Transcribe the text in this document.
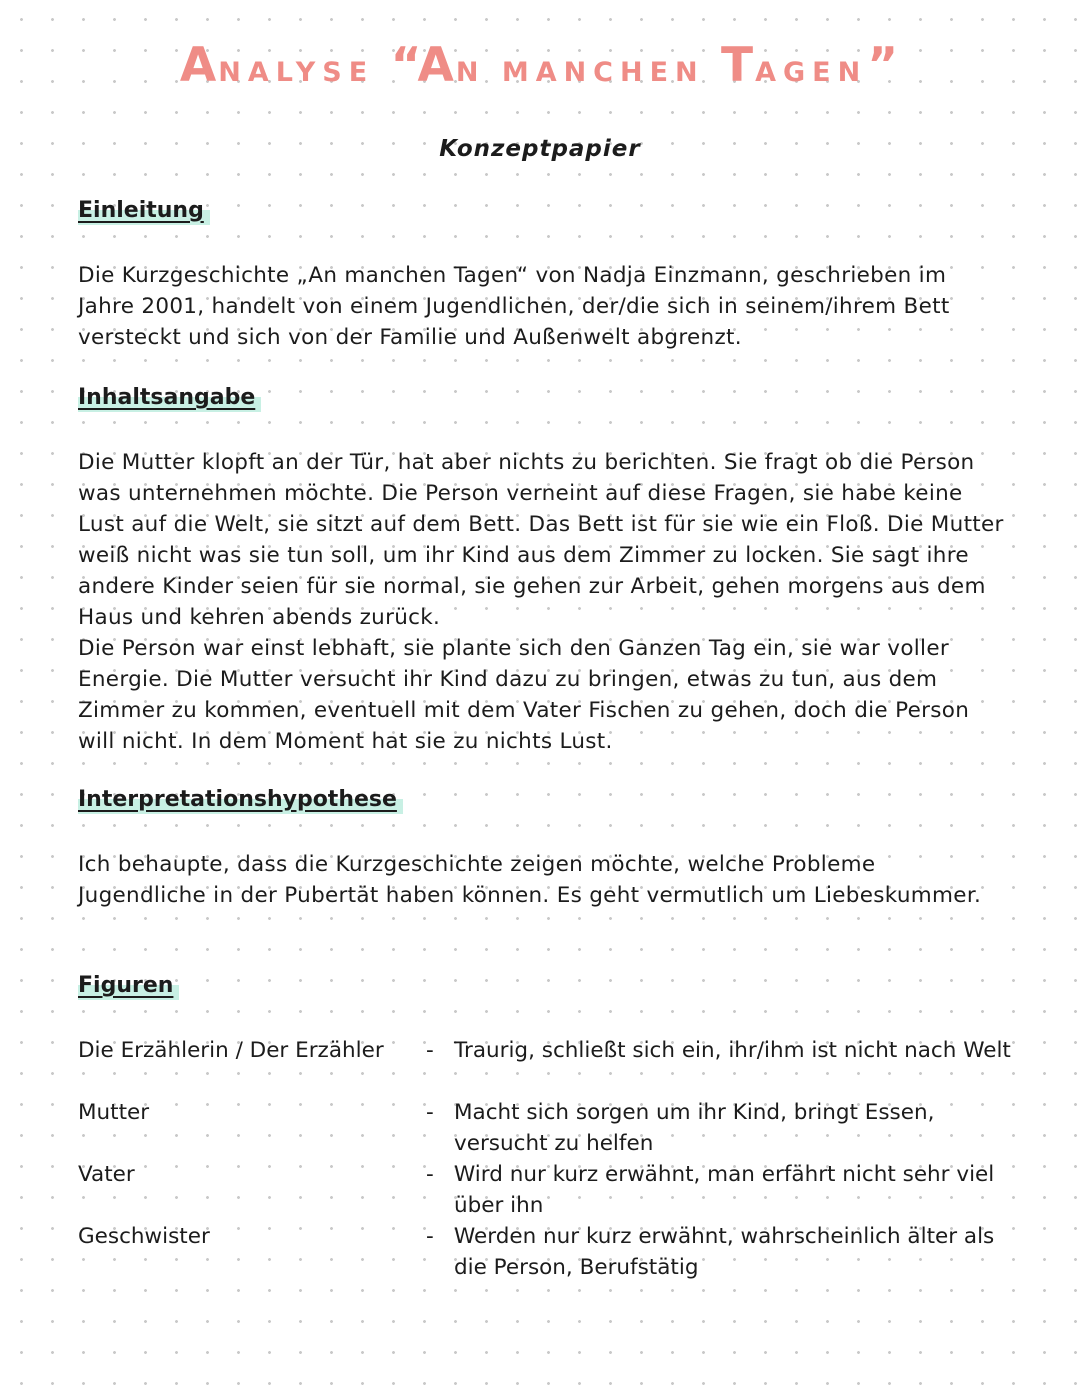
ANALYSE “AN MANCHEN TAGEN”
Konzeptpapier
Einleitung

Die Kurzgeschichte „An manchen Tagen“ von Nadja Einzmann, geschrieben im Jahre 2001, handelt von einem Jugendlichen, der/die sich in seinem/ihrem Bett versteckt und sich von der Familie und Außenwelt abgrenzt.

Inhaltsangabe

Die Mutter klopft an der Tür, hat aber nichts zu berichten. Sie fragt ob die Person was unternehmen möchte. Die Person verneint auf diese Fragen, sie habe keine Lust auf die Welt, sie sitzt auf dem Bett. Das Bett ist für sie wie ein Floß. Die Mutter weiß nicht was sie tun soll, um ihr Kind aus dem Zimmer zu locken. Sie sagt ihre andere Kinder seien für sie normal, sie gehen zur Arbeit, gehen morgens aus dem Haus und kehren abends zurück.

Die Person war einst lebhaft, sie plante sich den Ganzen Tag ein, sie war voller Energie. Die Mutter versucht ihr Kind dazu zu bringen, etwas zu tun, aus dem Zimmer zu kommen, eventuell mit dem Vater Fischen zu gehen, doch die Person will nicht. In dem Moment hat sie zu nichts Lust.

Interpretationshypothese

Ich behaupte, dass die Kurzgeschichte zeigen möchte, welche Probleme Jugendliche in der Pubertät haben können. Es geht vermutlich um Liebeskummer.

Figuren
Die Erzählerin / Der Erzähler - Traurig, schließt sich ein, ihr/ihm ist nicht nach Welt
Mutter	- Macht sich sorgen um ihr Kind, bringt Essen, versucht zu helfen
Vater	- Wird nur kurz erwähnt, man erfährt nicht sehr viel über ihn
Geschwister	- Werden nur kurz erwähnt, wahrscheinlich älter als die Person, Berufstätig
